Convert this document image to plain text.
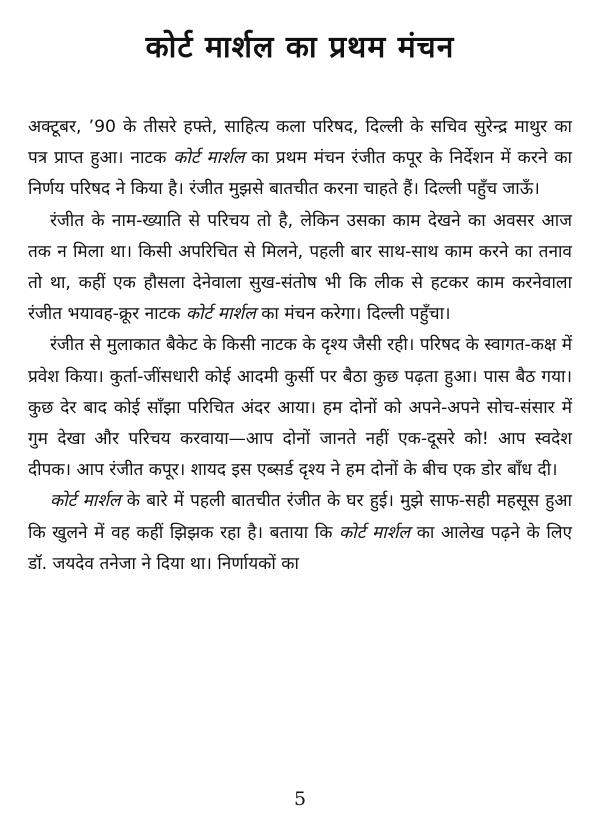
कोर्ट मार्शल का प्रथम मंचन

अक्टूबर, ’90 के तीसरे हफ्ते, साहित्य कला परिषद, दिल्ली के सचिव सुरेन्द्र माथुर का पत्र प्राप्त हुआ। नाटक कोर्ट मार्शल का प्रथम मंचन रंजीत कपूर के निर्देशन में करने का निर्णय परिषद ने किया है। रंजीत मुझसे बातचीत करना चाहते हैं। दिल्ली पहुँच जाऊँ।

रंजीत के नाम-ख्याति से परिचय तो है, लेकिन उसका काम देखने का अवसर आज तक न मिला था। किसी अपरिचित से मिलने, पहली बार साथ-साथ काम करने का तनाव तो था, कहीं एक हौसला देनेवाला सुख-संतोष भी कि लीक से हटकर काम करनेवाला रंजीत भयावह-क्रूर नाटक कोर्ट मार्शल का मंचन करेगा। दिल्ली पहुँचा।

रंजीत से मुलाकात बैकेट के किसी नाटक के दृश्य जैसी रही। परिषद के स्वागत-कक्ष में प्रवेश किया। कुर्ता-जींसधारी कोई आदमी कुर्सी पर बैठा कुछ पढ़ता हुआ। पास बैठ गया। कुछ देर बाद कोई साँझा परिचित अंदर आया। हम दोनों को अपने-अपने सोच-संसार में गुम देखा और परिचय करवाया—आप दोनों जानते नहीं एक-दूसरे को! आप स्वदेश दीपक। आप रंजीत कपूर। शायद इस एब्सर्ड दृश्य ने हम दोनों के बीच एक डोर बाँध दी।

कोर्ट मार्शल के बारे में पहली बातचीत रंजीत के घर हुई। मुझे साफ-सही महसूस हुआ कि खुलने में वह कहीं झिझक रहा है। बताया कि कोर्ट मार्शल का आलेख पढ़ने के लिए डॉ. जयदेव तनेजा ने दिया था। निर्णायकों का

5
